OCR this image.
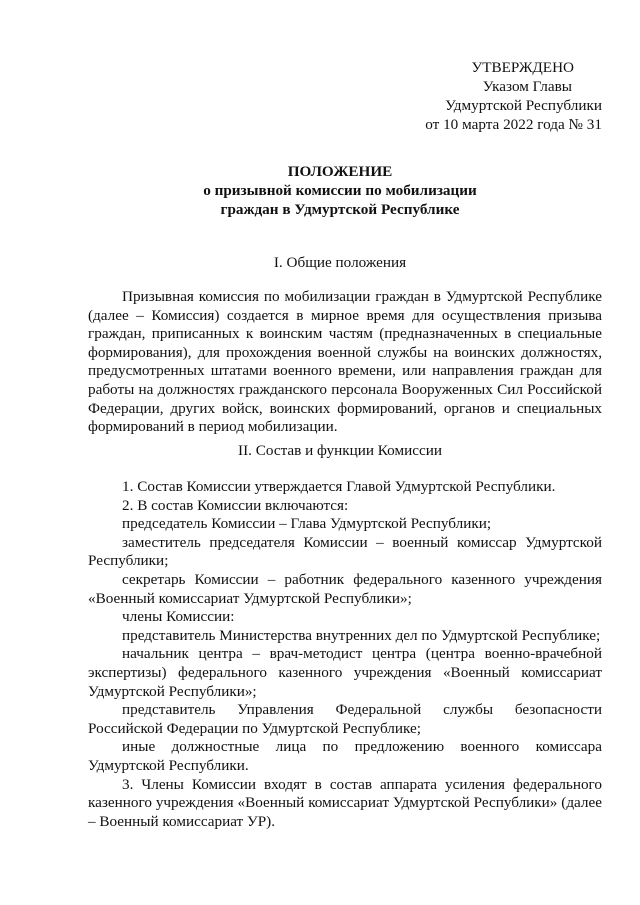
УТВЕРЖДЕНО
Указом Главы
Удмуртской Республики
от 10 марта 2022 года № 31
ПОЛОЖЕНИЕ
о призывной комиссии по мобилизации
граждан в Удмуртской Республике
I. Общие положения

Призывная комиссия по мобилизации граждан в Удмуртской Республике (далее – Комиссия) создается в мирное время для осуществления призыва граждан, приписанных к воинским частям (предназначенных в специальные формирования), для прохождения военной службы на воинских должностях, предусмотренных штатами военного времени, или направления граждан для работы на должностях гражданского персонала Вооруженных Сил Российской Федерации, других войск, воинских формирований, органов и специальных формирований в период мобилизации.

II. Состав и функции Комиссии

1. Состав Комиссии утверждается Главой Удмуртской Республики.

2. В состав Комиссии включаются:

председатель Комиссии – Глава Удмуртской Республики;

заместитель председателя Комиссии – военный комиссар Удмуртской Республики;

секретарь Комиссии – работник федерального казенного учреждения «Военный комиссариат Удмуртской Республики»;

члены Комиссии:

представитель Министерства внутренних дел по Удмуртской Республике;

начальник центра – врач-методист центра (центра военно-врачебной экспертизы) федерального казенного учреждения «Военный комиссариат Удмуртской Республики»;

представитель Управления Федеральной службы безопасности Российской Федерации по Удмуртской Республике;

иные должностные лица по предложению военного комиссара Удмуртской Республики.

3. Члены Комиссии входят в состав аппарата усиления федерального казенного учреждения «Военный комиссариат Удмуртской Республики» (далее – Военный комиссариат УР).
